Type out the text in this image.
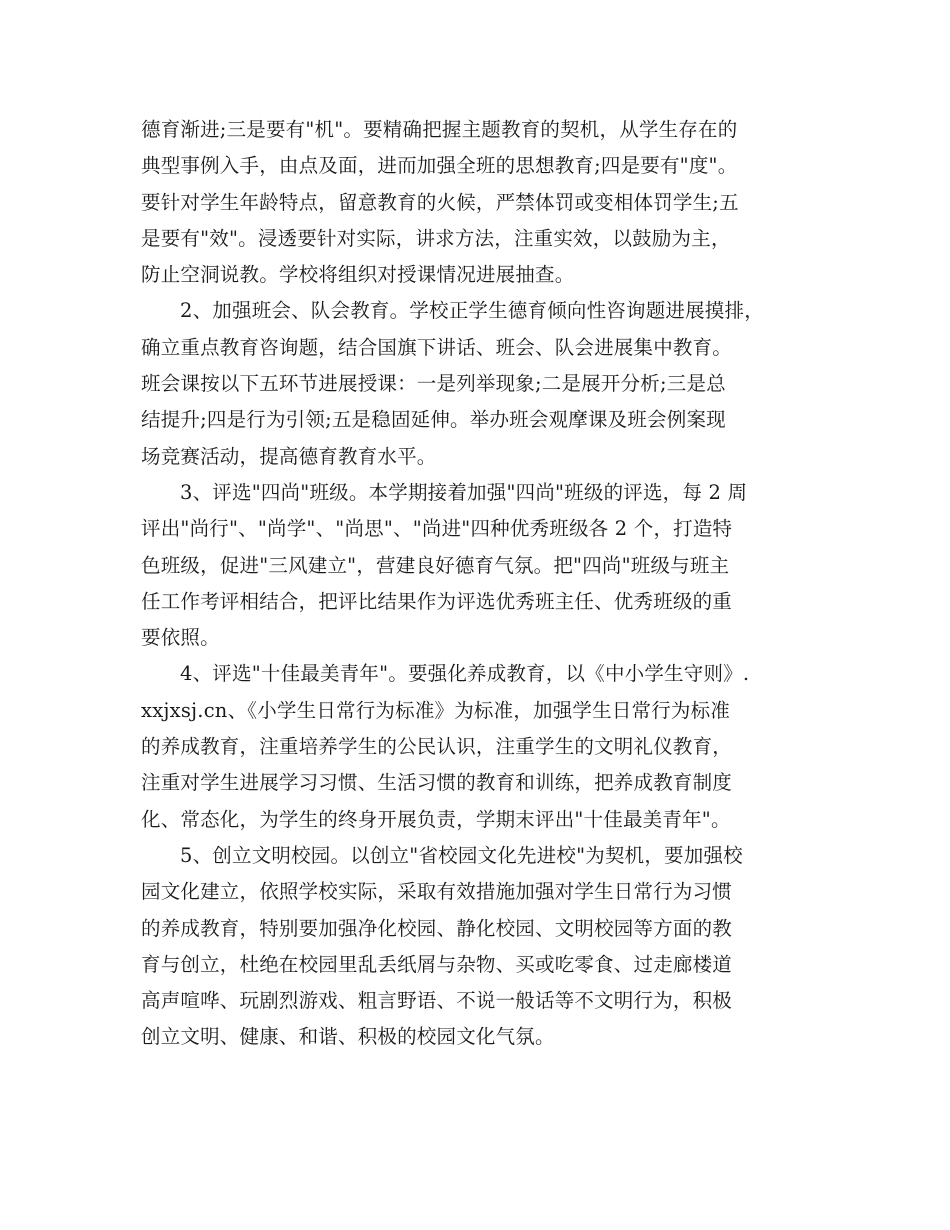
德育渐进;三是要有"机"。要精确把握主题教育的契机，从学生存在的
典型事例入手，由点及面，进而加强全班的思想教育;四是要有"度"。
要针对学生年龄特点，留意教育的火候，严禁体罚或变相体罚学生;五
是要有"效"。浸透要针对实际，讲求方法，注重实效，以鼓励为主，
防止空洞说教。学校将组织对授课情况进展抽查。
2、加强班会、队会教育。学校正学生德育倾向性咨询题进展摸排，
确立重点教育咨询题，结合国旗下讲话、班会、队会进展集中教育。
班会课按以下五环节进展授课：一是列举现象;二是展开分析;三是总
结提升;四是行为引领;五是稳固延伸。举办班会观摩课及班会例案现
场竞赛活动，提高德育教育水平。
3、评选"四尚"班级。本学期接着加强"四尚"班级的评选，每 2 周
评出"尚行"、"尚学"、"尚思"、"尚进"四种优秀班级各 2 个，打造特
色班级，促进"三风建立"，营建良好德育气氛。把"四尚"班级与班主
任工作考评相结合，把评比结果作为评选优秀班主任、优秀班级的重
要依照。
4、评选"十佳最美青年"。要强化养成教育，以《中小学生守则》.
xxjxsj.cn、《小学生日常行为标准》为标准，加强学生日常行为标准
的养成教育，注重培养学生的公民认识，注重学生的文明礼仪教育，
注重对学生进展学习习惯、生活习惯的教育和训练，把养成教育制度
化、常态化，为学生的终身开展负责，学期末评出"十佳最美青年"。
5、创立文明校园。以创立"省校园文化先进校"为契机，要加强校
园文化建立，依照学校实际，采取有效措施加强对学生日常行为习惯
的养成教育，特别要加强净化校园、静化校园、文明校园等方面的教
育与创立，杜绝在校园里乱丢纸屑与杂物、买或吃零食、过走廊楼道
高声喧哗、玩剧烈游戏、粗言野语、不说一般话等不文明行为，积极
创立文明、健康、和谐、积极的校园文化气氛。
